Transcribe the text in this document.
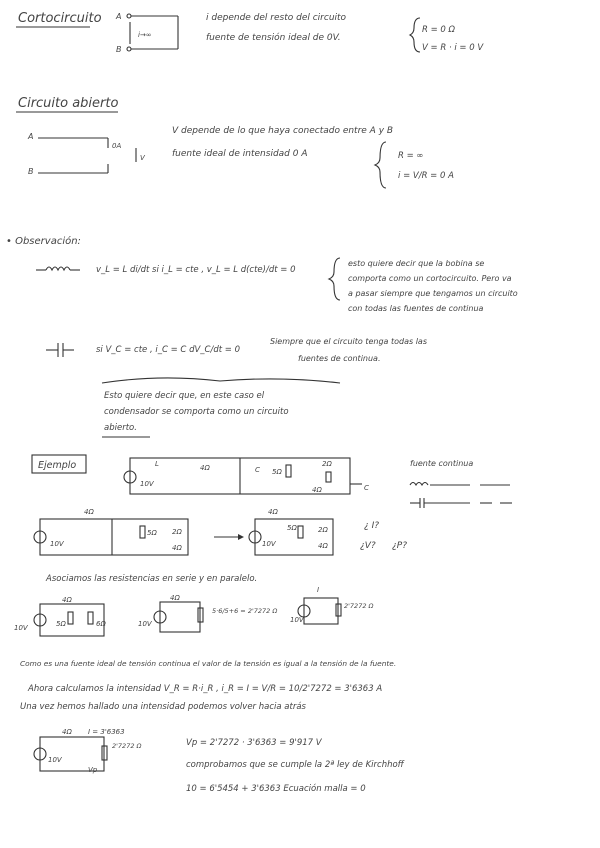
Cortocircuito A
B
i→∞
i depende del resto del circuito
fuente de tensión ideal de 0V.
R = 0 Ω
V = R · i = 0 V
Circuito abierto
A
B
0A
V
V depende de lo que haya conectado entre A y B
fuente ideal de intensidad 0 A	R = ∞
i = V/R = 0 A
• Observación:
v_L = L di/dt si i_L = cte , v_L = L d(cte)/dt = 0
esto quiere decir que la bobina se
comporta como un cortocircuito. Pero va
a pasar siempre que tengamos un circuito
con todas las fuentes de continua
si V_C = cte , i_C = C dV_C/dt = 0
Siempre que el circuito tenga todas las
fuentes de continua.
Esto quiere decir que, en este caso el
condensador se comporta como un circuito
abierto.
Ejemplo
10V
L	4Ω	C 5Ω
2Ω
4Ω	C
fuente continua
10V
4Ω
5Ω 2Ω
4Ω	10V
4Ω
5Ω	2Ω
4Ω
¿ I?
¿V? ¿P?
Asociamos las resistencias en serie y en paralelo.
10V
4Ω
5Ω	6Ω	10V
4Ω
5·6/5+6 = 2'7272 Ω
10V
I
2'7272 Ω
Como es una fuente ideal de tensión continua el valor de la tensión es igual a la tensión de la fuente.
Ahora calculamos la intensidad V_R = R·i_R , i_R = I = V/R = 10/2'7272 = 3'6363 A
Una vez hemos hallado una intensidad podemos volver hacia atrás
10V
4Ω I = 3'6363
2'7272 Ω
Vp
Vp = 2'7272 · 3'6363 = 9'917 V
comprobamos que se cumple la 2ª ley de Kirchhoff
10 = 6'5454 + 3'6363 Ecuación malla = 0
